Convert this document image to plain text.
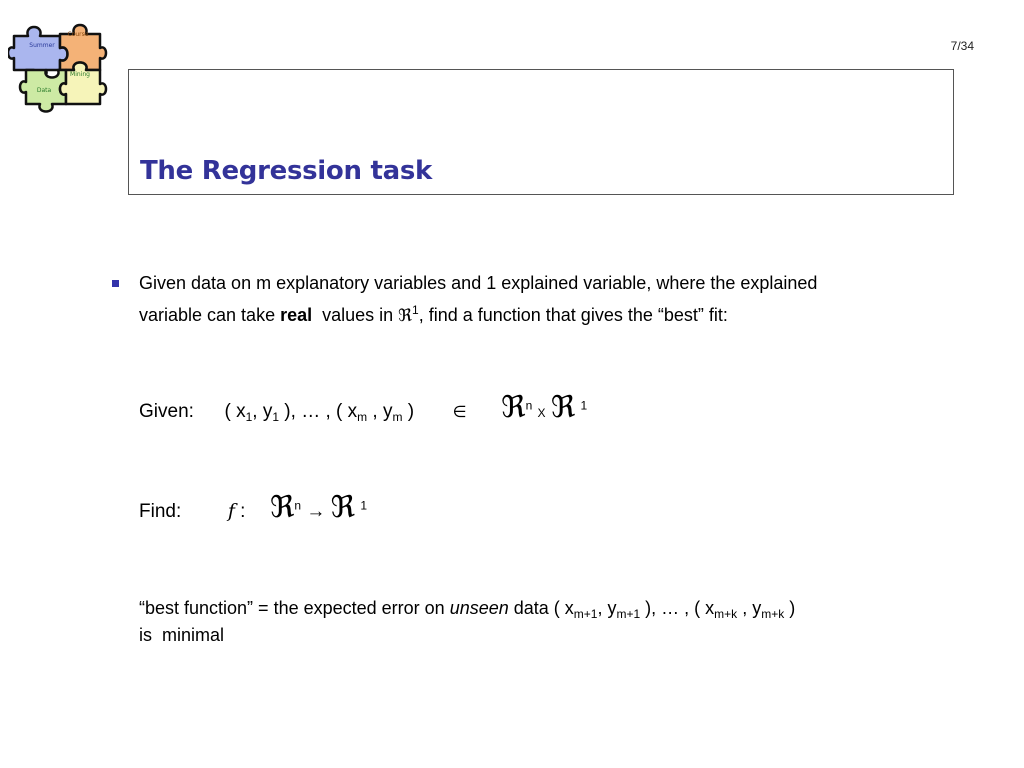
Course
Summer
Mining
Data
7/34
The Regression task
Given data on m explanatory variables and 1 explained variable, where the explained
variable can take real  values in ℜ$^1$, find a function that gives the “best” fit:
Given: ( $x_1$, $y_1$ ), … , ( $x_m$ , $y_m$ ) ∈ ℜ$^n$ X ℜ $^1$
Find: f : ℜ$^n$ → ℜ $^1$
“best function” = the expected error on unseen data ( $x_{m+1}$, $y_{m+1}$ ), … , ( $x_{m+k}$ , $y_{m+k}$ )
is  minimal
